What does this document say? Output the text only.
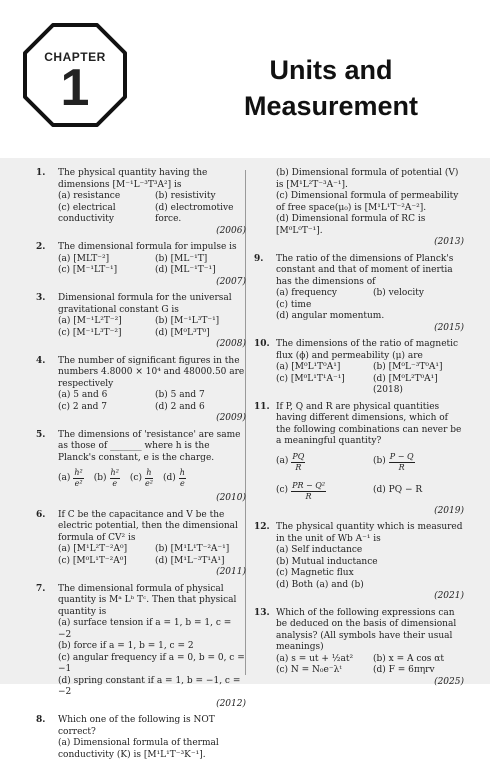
CHAPTER
1	Units and
Measurement
1. The physical quantity having the dimensions [M⁻¹L⁻³T³A²] is
(a) resistance	(b) resistivity
(c) electrical conductivity
(d) electromotive force.
(2006)
2. The dimensional formula for impulse is
(a) [MLT⁻²]	(b) [ML⁻¹T]
(c) [M⁻¹LT⁻¹]	(d) [ML⁻¹T⁻¹]
(2007)
3. Dimensional formula for the universal gravitational constant G is
(a) [M⁻¹L²T⁻²]	(b) [M⁻¹L³T⁻¹]
(c) [M⁻¹L³T⁻²]	(d) [M⁰L³T⁰]
(2008)
4. The number of significant figures in the numbers 4.8000 × 10⁴ and 48000.50 are respectively
(a) 5 and 6	(b) 5 and 7
(c) 2 and 7	(d) 2 and 6
(2009)
5. The dimensions of 'resistance' are same as those of _______ where h is the Planck's constant, e is the charge.
$(a) \frac{\text{h²}}{\text{e²}} (b) \frac{\text{h²}}{e} (c) \frac{h}{\text{e²}} (d) \frac{h}{e}$
(2010)
6. If C be the capacitance and V be the electric potential, then the dimensional formula of CV² is
(a) [M¹L²T⁻²A⁰]	(b) [M¹L¹T⁻²A⁻¹]
(c) [M⁰L¹T⁻²A⁰]	(d) [M¹L⁻³T¹A¹]
(2011)
7. The dimensional formula of physical quantity is Mᵃ Lᵇ Tᶜ. Then that physical quantity is
(a) surface tension if a = 1, b = 1, c = −2
(b) force if a = 1, b = 1, c = 2
(c) angular frequency if a = 0, b = 0, c = −1
(d) spring constant if a = 1, b = −1, c = −2
(2012)
8. Which one of the following is NOT correct?
(a) Dimensional formula of thermal conductivity (K) is [M¹L¹T⁻³K⁻¹].
(b) Dimensional formula of potential (V) is [M¹L²T⁻³A⁻¹].
(c) Dimensional formula of permeability of free space(μ₀) is [M¹L¹T⁻²A⁻²].
(d) Dimensional formula of RC is [M⁰L⁰T⁻¹].
(2013)
9. The ratio of the dimensions of Planck's constant and that of moment of inertia has the dimensions of
(a) frequency	(b) velocity
(c) time
(d) angular momentum.
(2015)
10. The dimensions of the ratio of magnetic flux (ϕ) and permeability (μ) are
(a) [M⁰L¹T⁰A¹]	(b) [M⁰L⁻³T⁰A¹]
(c) [M⁰L¹T¹A⁻¹]	(d) [M⁰L²T⁰A¹] (2018)
11. If P, Q and R are physical quantities having different dimensions, which of the following combinations can never be a meaningful quantity?
$(a) \frac{PQ}{R}$	$(b) \frac{P - Q}{R}$
$(c) \frac{\text{PR − Q²}}{R}$	(d) PQ − R
(2019)
12. The physical quantity which is measured in the unit of Wb A⁻¹ is
(a) Self inductance
(b) Mutual inductance
(c) Magnetic flux
(d) Both (a) and (b)
(2021)
13. Which of the following expressions can be deduced on the basis of dimensional analysis? (All symbols have their usual meanings)
(a) s = ut + ½at²	(b) x = A cos αt
(c) N = N₀e⁻λᵗ	(d) F = 6πηrv
(2025)
